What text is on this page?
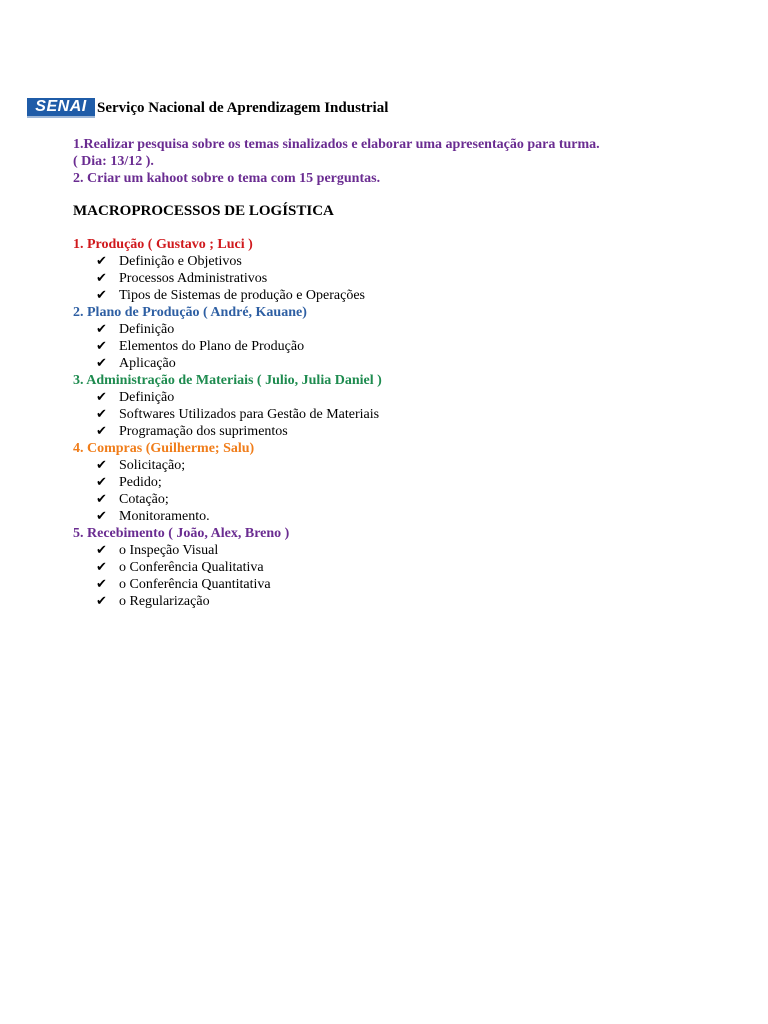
SENAI Serviço Nacional de Aprendizagem Industrial
1.Realizar pesquisa sobre os temas sinalizados e elaborar uma apresentação para turma.
( Dia: 13/12 ).
2. Criar um kahoot sobre o tema com 15 perguntas.
MACROPROCESSOS DE LOGÍSTICA
1. Produção ( Gustavo ; Luci )
✔ Definição e Objetivos
✔ Processos Administrativos
✔ Tipos de Sistemas de produção e Operações
2. Plano de Produção ( André, Kauane)
✔ Definição
✔ Elementos do Plano de Produção
✔ Aplicação
3. Administração de Materiais ( Julio, Julia Daniel )
✔ Definição
✔ Softwares Utilizados para Gestão de Materiais
✔ Programação dos suprimentos
4. Compras (Guilherme; Salu)
✔ Solicitação;
✔ Pedido;
✔ Cotação;
✔ Monitoramento.
5. Recebimento ( João, Alex, Breno )
✔ o Inspeção Visual
✔ o Conferência Qualitativa
✔ o Conferência Quantitativa
✔ o Regularização
